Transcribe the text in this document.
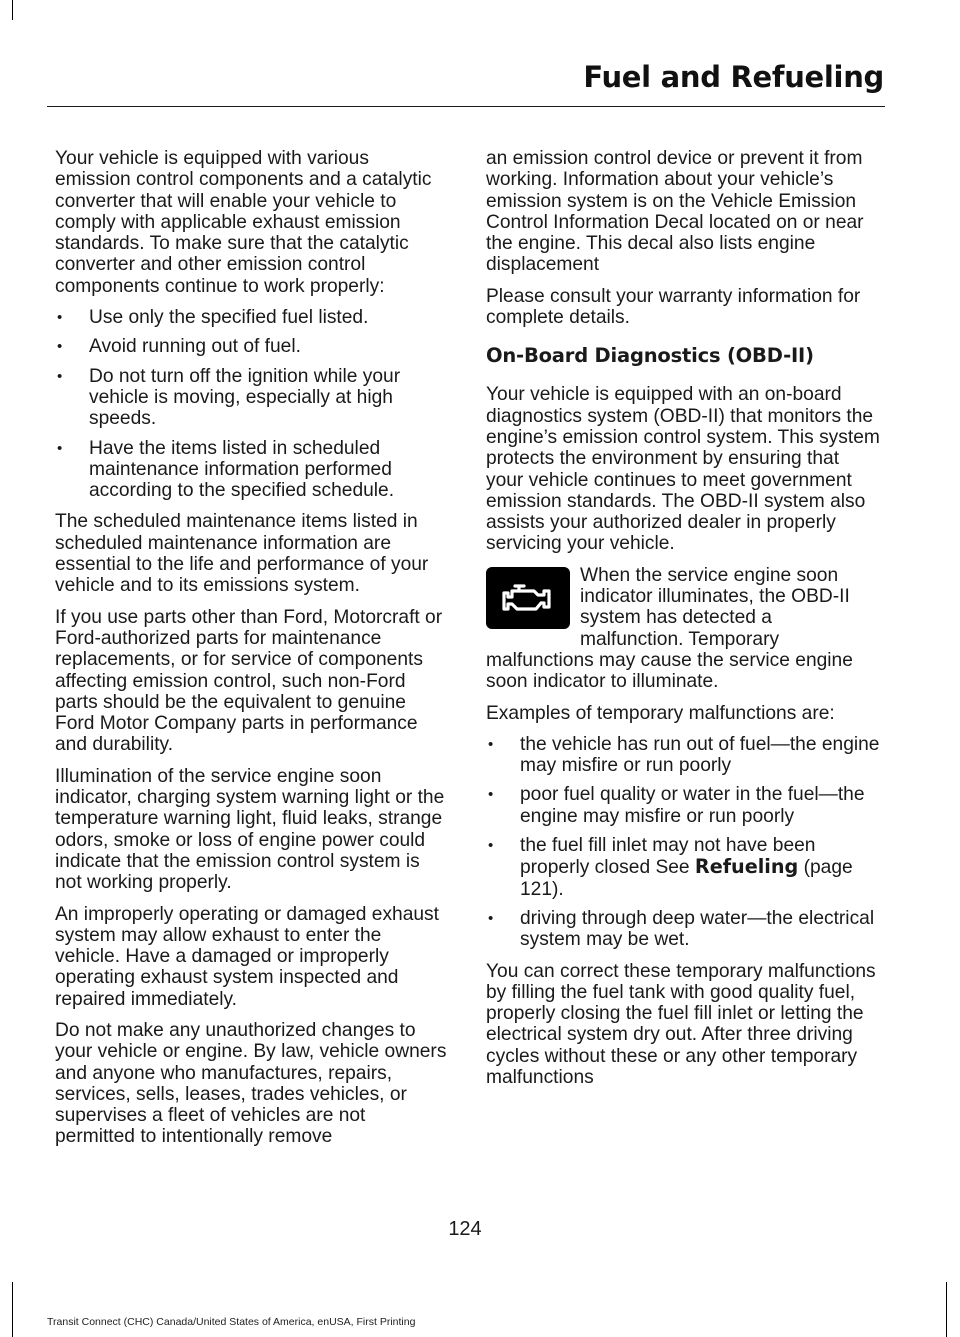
Fuel and Refueling

Your vehicle is equipped with various emission control components and a catalytic converter that will enable your vehicle to comply with applicable exhaust emission standards. To make sure that the catalytic converter and other emission control components continue to work properly:

• Use only the specified fuel listed.
• Avoid running out of fuel.
• Do not turn off the ignition while your vehicle is moving, especially at high speeds.
• Have the items listed in scheduled maintenance information performed according to the specified schedule.

The scheduled maintenance items listed in scheduled maintenance information are essential to the life and performance of your vehicle and to its emissions system.

If you use parts other than Ford, Motorcraft or Ford-authorized parts for maintenance replacements, or for service of components affecting emission control, such non-Ford parts should be the equivalent to genuine Ford Motor Company parts in performance and durability.

Illumination of the service engine soon indicator, charging system warning light or the temperature warning light, fluid leaks, strange odors, smoke or loss of engine power could indicate that the emission control system is not working properly.

An improperly operating or damaged exhaust system may allow exhaust to enter the vehicle. Have a damaged or improperly operating exhaust system inspected and repaired immediately.

Do not make any unauthorized changes to your vehicle or engine. By law, vehicle owners and anyone who manufactures, repairs, services, sells, leases, trades vehicles, or supervises a fleet of vehicles are not permitted to intentionally remove

an emission control device or prevent it from working. Information about your vehicle’s emission system is on the Vehicle Emission Control Information Decal located on or near the engine. This decal also lists engine displacement

Please consult your warranty information for complete details.

On-Board Diagnostics (OBD-II)

Your vehicle is equipped with an on-board diagnostics system (OBD-II) that monitors the engine’s emission control system. This system protects the environment by ensuring that your vehicle continues to meet government emission standards. The OBD-II system also assists your authorized dealer in properly servicing your vehicle.

When the service engine soon indicator illuminates, the OBD-II system has detected a malfunction. Temporary malfunctions may cause the service engine soon indicator to illuminate.

Examples of temporary malfunctions are:

• the vehicle has run out of fuel—the engine may misfire or run poorly
• poor fuel quality or water in the fuel—the engine may misfire or run poorly
• the fuel fill inlet may not have been properly closed See Refueling (page 121).
• driving through deep water—the electrical system may be wet.

You can correct these temporary malfunctions by filling the fuel tank with good quality fuel, properly closing the fuel fill inlet or letting the electrical system dry out. After three driving cycles without these or any other temporary malfunctions

124
Transit Connect (CHC) Canada/United States of America, enUSA, First Printing
